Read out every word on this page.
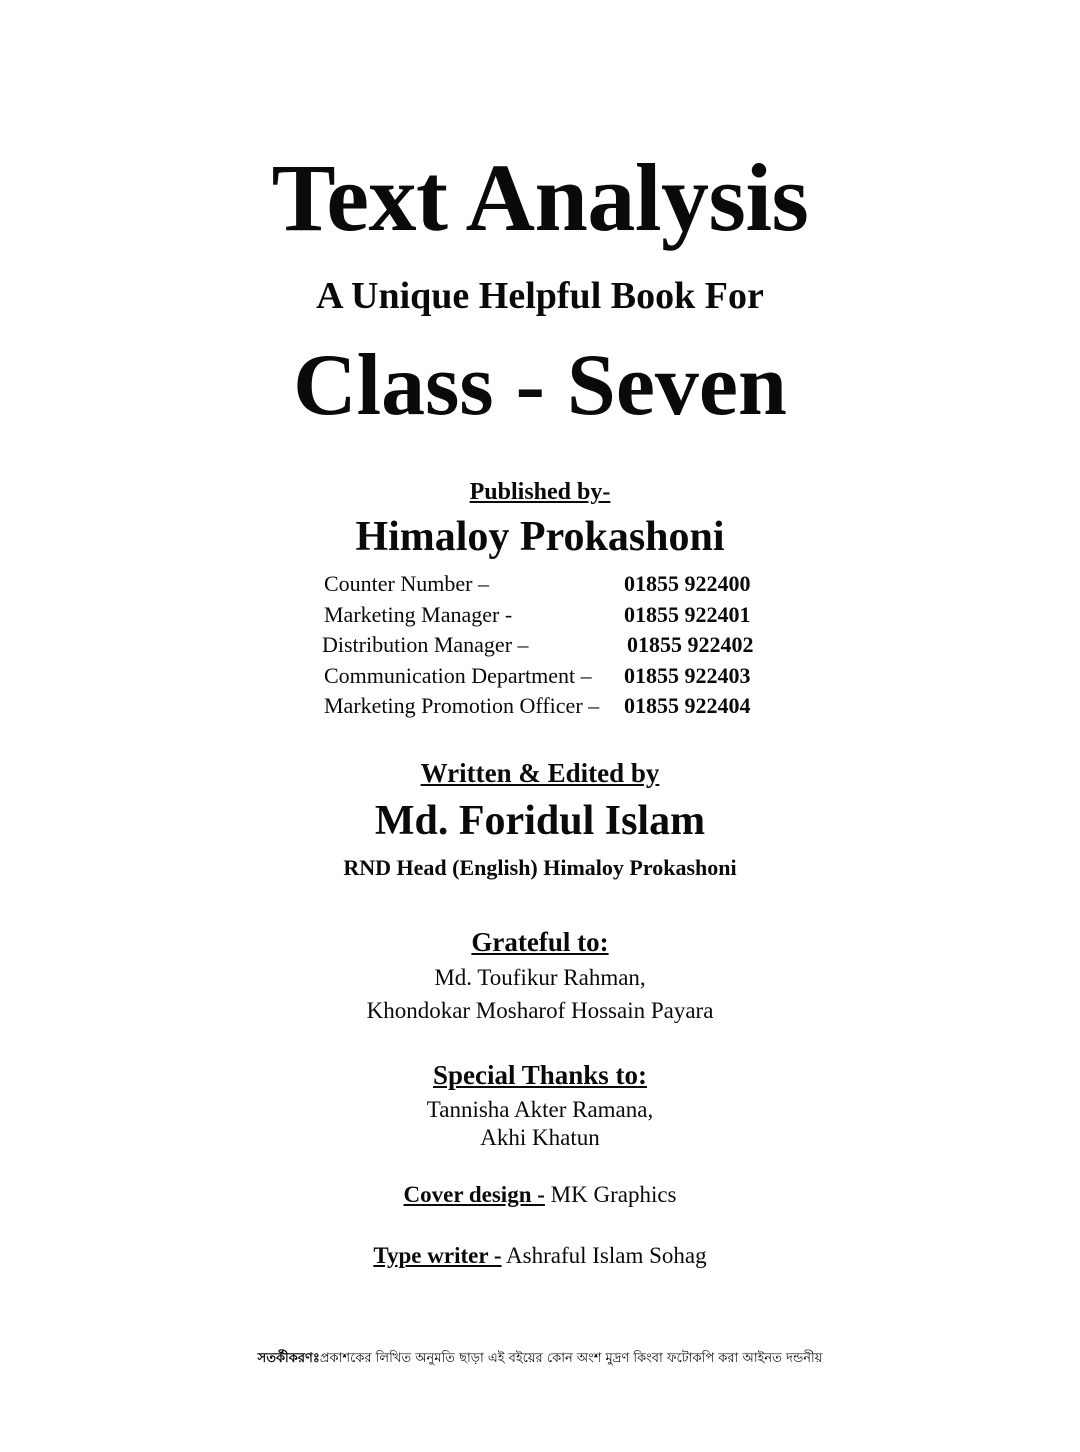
Text Analysis
A Unique Helpful Book For
Class - Seven
Published by-
Himaloy Prokashoni
Counter Number –	01855 922400
Marketing Manager -	01855 922401
Distribution Manager –	01855 922402
Communication Department – 01855 922403
Marketing Promotion Officer – 01855 922404
Written & Edited by
Md. Foridul Islam
RND Head (English) Himaloy Prokashoni
Grateful to:
Md. Toufikur Rahman,
Khondokar Mosharof Hossain Payara
Special Thanks to:
Tannisha Akter Ramana,
Akhi Khatun
Cover design - MK Graphics
Type writer - Ashraful Islam Sohag
সতর্কীকরণঃপ্রকাশকের লিখিত অনুমতি ছাড়া এই বইয়ের কোন অংশ মুদ্রণ কিংবা ফটোকপি করা আইনত দন্ডনীয়
